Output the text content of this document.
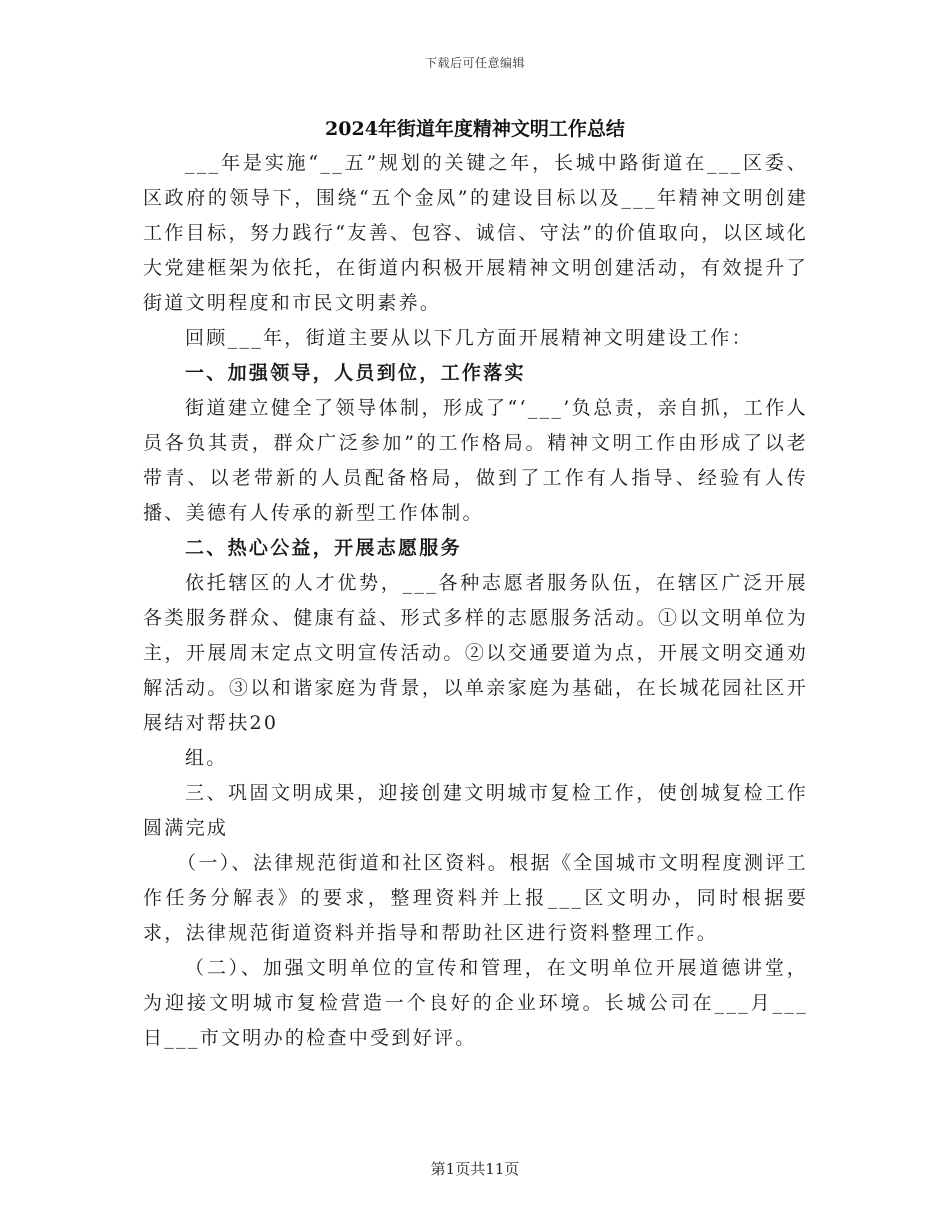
下载后可任意编辑
2024年街道年度精神文明工作总结

___年是实施“__五”规划的关键之年，长城中路街道在___区委、区政府的领导下，围绕“五个金凤”的建设目标以及___年精神文明创建工作目标，努力践行“友善、包容、诚信、守法”的价值取向，以区域化大党建框架为依托，在街道内积极开展精神文明创建活动，有效提升了街道文明程度和市民文明素养。

回顾___年，街道主要从以下几方面开展精神文明建设工作：

一、加强领导，人员到位，工作落实

街道建立健全了领导体制，形成了“‘___’负总责，亲自抓，工作人员各负其责，群众广泛参加”的工作格局。精神文明工作由形成了以老带青、以老带新的人员配备格局，做到了工作有人指导、经验有人传播、美德有人传承的新型工作体制。

二、热心公益，开展志愿服务

依托辖区的人才优势，___各种志愿者服务队伍，在辖区广泛开展各类服务群众、健康有益、形式多样的志愿服务活动。①以文明单位为主，开展周末定点文明宣传活动。②以交通要道为点，开展文明交通劝解活动。③以和谐家庭为背景，以单亲家庭为基础，在长城花园社区开展结对帮扶20

组。

三、巩固文明成果，迎接创建文明城市复检工作，使创城复检工作圆满完成

（一）、法律规范街道和社区资料。根据《全国城市文明程度测评工作任务分解表》的要求，整理资料并上报___区文明办，同时根据要求，法律规范街道资料并指导和帮助社区进行资料整理工作。

（二）、加强文明单位的宣传和管理，在文明单位开展道德讲堂，为迎接文明城市复检营造一个良好的企业环境。长城公司在___月___日___市文明办的检查中受到好评。

第1页共11页
